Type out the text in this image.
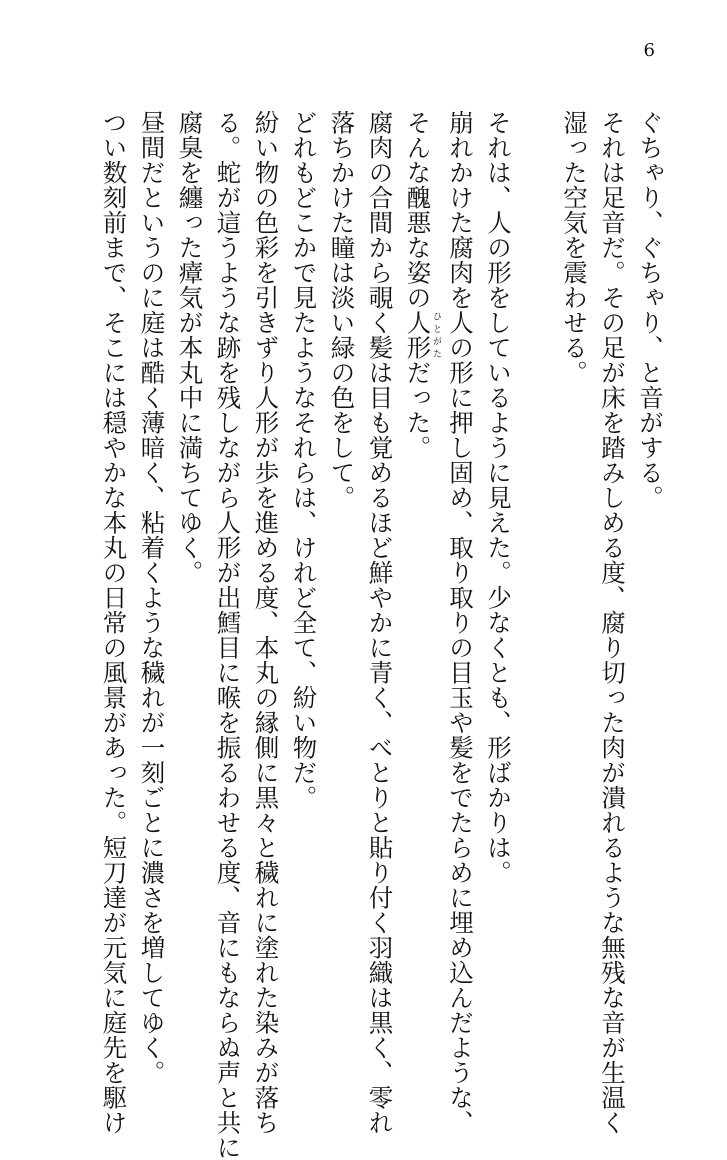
6
ぐちゃり、ぐちゃり、と音がする。
それは足音だ。その足が床を踏みしめる度、腐り切った肉が潰れるような無残な音が生温く
湿った空気を震わせる。
それは、人の形をしているように見えた。少なくとも、形ばかりは。
崩れかけた腐肉を人の形に押し固め、取り取りの目玉や髪をでたらめに埋め込んだような、
そんな醜悪な姿の人形ひとがただった。
腐肉の合間から覗く髪は目も覚めるほど鮮やかに青く、べとりと貼り付く羽織は黒く、零れ
落ちかけた瞳は淡い緑の色をして。
どれもどこかで見たようなそれらは、けれど全て、紛い物だ。
紛い物の色彩を引きずり人形が歩を進める度、本丸の縁側に黒々と穢れに塗れた染みが落ち
る。蛇が這うような跡を残しながら人形が出鱈目に喉を振るわせる度、音にもならぬ声と共に
腐臭を纏った瘴気が本丸中に満ちてゆく。
昼間だというのに庭は酷く薄暗く、粘着くような穢れが一刻ごとに濃さを増してゆく。
つい数刻前まで、そこには穏やかな本丸の日常の風景があった。短刀達が元気に庭先を駆け
